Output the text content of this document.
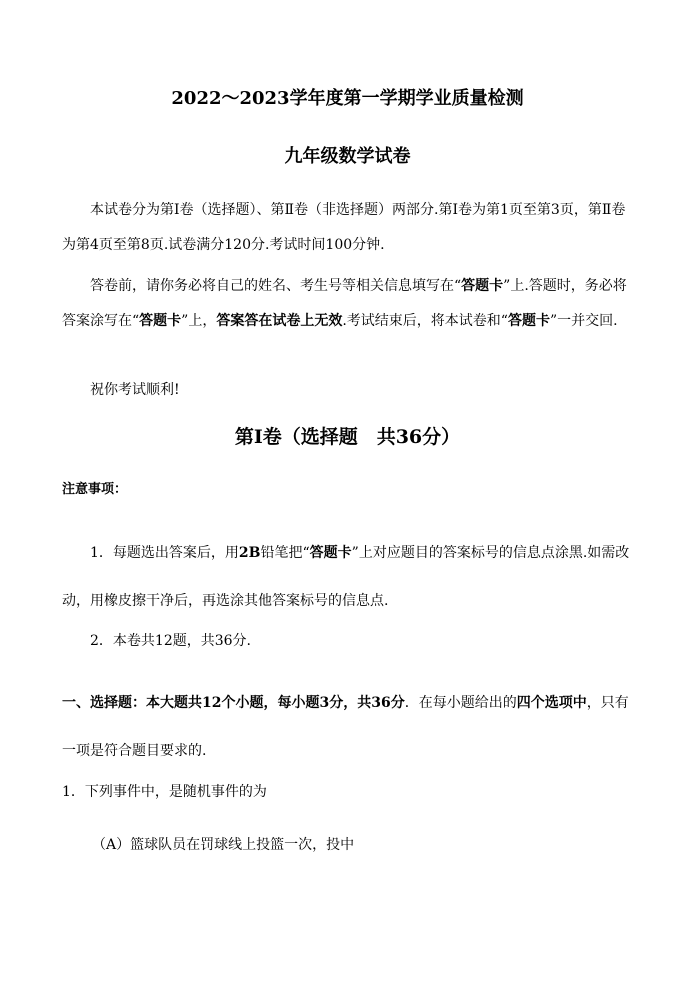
2022～2023学年度第一学期学业质量检测
九年级数学试卷
本试卷分为第Ⅰ卷（选择题）、第Ⅱ卷（非选择题）两部分.第Ⅰ卷为第1页至第3页，第Ⅱ卷为第4页至第8页.试卷满分120分.考试时间100分钟.
答卷前，请你务必将自己的姓名、考生号等相关信息填写在“答题卡”上.答题时，务必将答案涂写在“答题卡”上，答案答在试卷上无效.考试结束后，将本试卷和“答题卡”一并交回.
祝你考试顺利!
第Ⅰ卷（选择题　共36分）
注意事项：
1．每题选出答案后，用2B铅笔把“答题卡”上对应题目的答案标号的信息点涂黑.如需改动，用橡皮擦干净后，再选涂其他答案标号的信息点.
2．本卷共12题，共36分.
一、选择题：本大题共12个小题，每小题3分，共36分．在每小题给出的四个选项中，只有一项是符合题目要求的.
1．下列事件中，是随机事件的为
（A）篮球队员在罚球线上投篮一次，投中
